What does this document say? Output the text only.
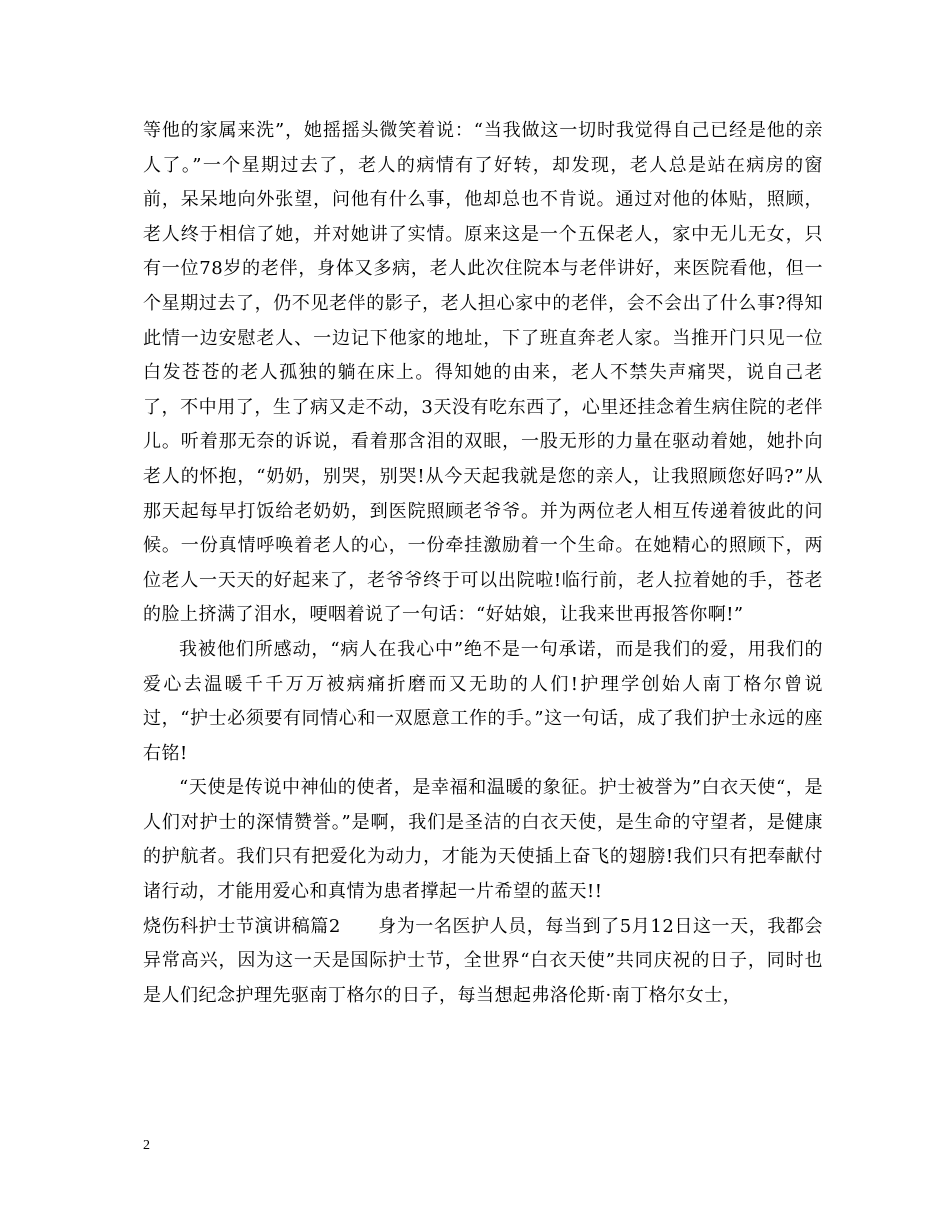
等他的家属来洗”，她摇摇头微笑着说：“当我做这一切时我觉得自己已经是他的亲人了。”一个星期过去了，老人的病情有了好转，却发现，老人总是站在病房的窗前，呆呆地向外张望，问他有什么事，他却总也不肯说。通过对他的体贴，照顾，老人终于相信了她，并对她讲了实情。原来这是一个五保老人，家中无儿无女，只有一位78岁的老伴，身体又多病，老人此次住院本与老伴讲好，来医院看他，但一个星期过去了，仍不见老伴的影子，老人担心家中的老伴，会不会出了什么事?得知此情一边安慰老人、一边记下他家的地址，下了班直奔老人家。当推开门只见一位白发苍苍的老人孤独的躺在床上。得知她的由来，老人不禁失声痛哭，说自己老了，不中用了，生了病又走不动，3天没有吃东西了，心里还挂念着生病住院的老伴儿。听着那无奈的诉说，看着那含泪的双眼，一股无形的力量在驱动着她，她扑向老人的怀抱，“奶奶，别哭，别哭!从今天起我就是您的亲人，让我照顾您好吗?”从那天起每早打饭给老奶奶，到医院照顾老爷爷。并为两位老人相互传递着彼此的问候。一份真情呼唤着老人的心，一份牵挂激励着一个生命。在她精心的照顾下，两位老人一天天的好起来了，老爷爷终于可以出院啦!临行前，老人拉着她的手，苍老的脸上挤满了泪水，哽咽着说了一句话：“好姑娘，让我来世再报答你啊!”

我被他们所感动，“病人在我心中”绝不是一句承诺，而是我们的爱，用我们的爱心去温暖千千万万被病痛折磨而又无助的人们!护理学创始人南丁格尔曾说过，“护士必须要有同情心和一双愿意工作的手。”这一句话，成了我们护士永远的座右铭!

“天使是传说中神仙的使者，是幸福和温暖的象征。护士被誉为”白衣天使“，是人们对护士的深情赞誉。”是啊，我们是圣洁的白衣天使，是生命的守望者，是健康的护航者。我们只有把爱化为动力，才能为天使插上奋飞的翅膀!我们只有把奉献付诸行动，才能用爱心和真情为患者撑起一片希望的蓝天!!

烧伤科护士节演讲稿篇2　　身为一名医护人员，每当到了5月12日这一天，我都会异常高兴，因为这一天是国际护士节，全世界“白衣天使”共同庆祝的日子，同时也是人们纪念护理先驱南丁格尔的日子，每当想起弗洛伦斯·南丁格尔女士，

2
